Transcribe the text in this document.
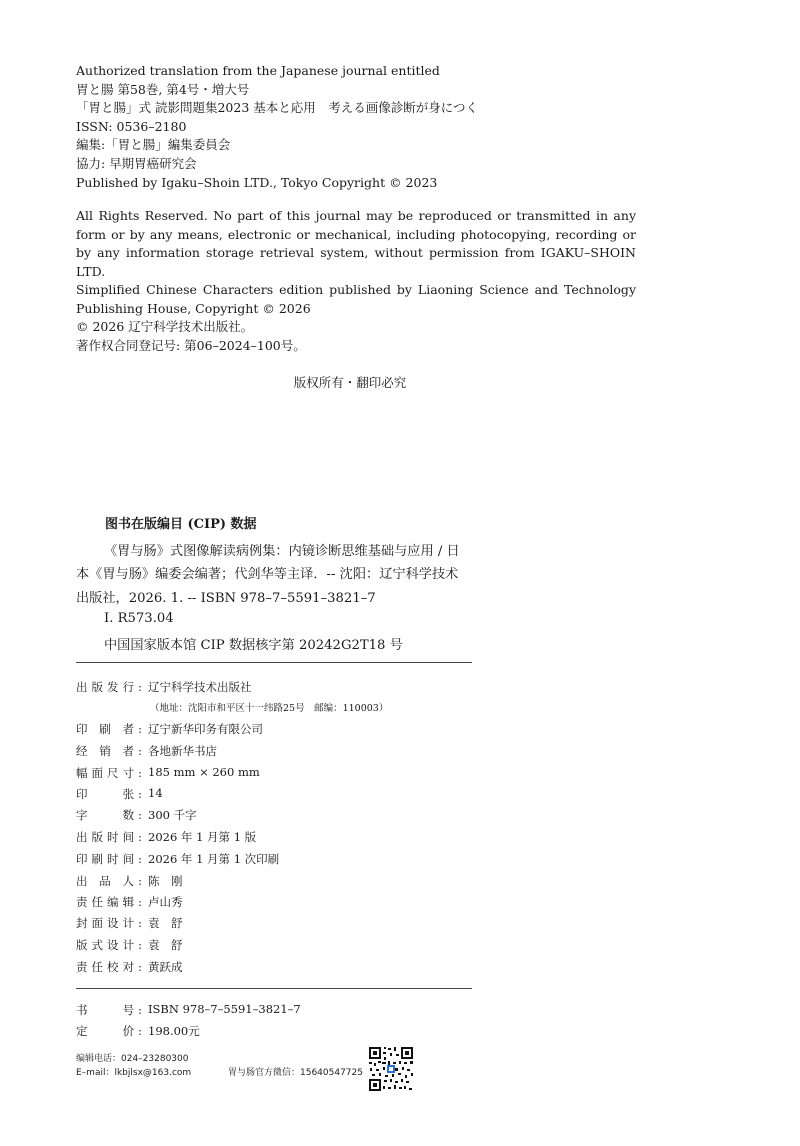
Authorized translation from the Japanese journal entitled
胃と腸 第58巻, 第4号・増大号
「胃と腸」式 読影問題集2023 基本と応用　考える画像診断が身につく
ISSN: 0536–2180
編集:「胃と腸」編集委員会
協力: 早期胃癌研究会
Published by Igaku–Shoin LTD., Tokyo Copyright © 2023
All Rights Reserved. No part of this journal may be reproduced or transmitted in any form or by any means, electronic or mechanical, including photocopying, recording or by any information storage retrieval system, without permission from IGAKU–SHOIN LTD.
Simplified Chinese Characters edition published by Liaoning Science and Technology Publishing House, Copyright © 2026
© 2026 辽宁科学技术出版社。
著作权合同登记号: 第06–2024–100号。
版权所有・翻印必究
图书在版编目 (CIP) 数据
《胃与肠》式图像解读病例集：内镜诊断思维基础与应用 / 日本《胃与肠》编委会编著；代剑华等主译．-- 沈阳：辽宁科学技术出版社，2026. 1. -- ISBN 978–7–5591–3821–7
Ⅰ. R573.04
中国国家版本馆 CIP 数据核字第 20242G2T18 号
出版发行: 辽宁科学技术出版社
（地址：沈阳市和平区十一纬路25号　邮编：110003）
印 刷 者: 辽宁新华印务有限公司
经 销 者: 各地新华书店
幅面尺寸: 185 mm × 260 mm
印　　张: 14
字　　数: 300 千字
出版时间: 2026 年 1 月第 1 版
印刷时间: 2026 年 1 月第 1 次印刷
出 品 人: 陈　刚
责任编辑: 卢山秀
封面设计: 袁　舒
版式设计: 袁　舒
责任校对: 黄跃成
书　　号: ISBN 978–7–5591–3821–7
定　　价: 198.00元
编辑电话：024–23280300
E–mail：lkbjlsx@163.com	胃与肠官方微信：15640547725
